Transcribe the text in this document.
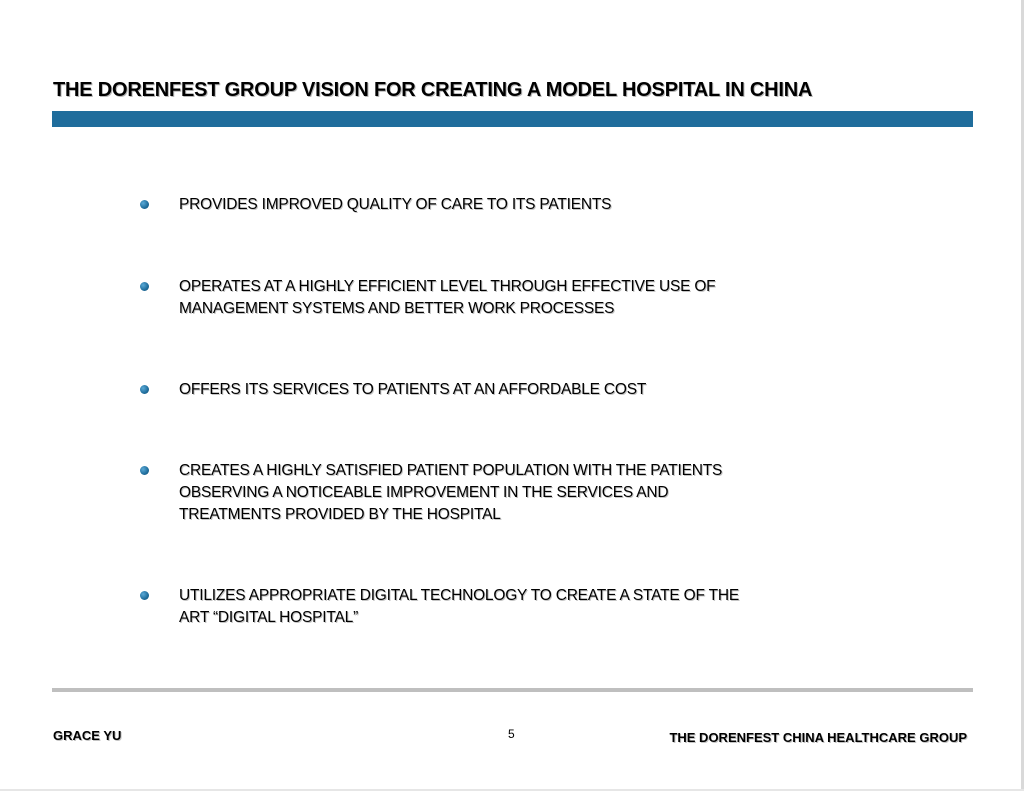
THE DORENFEST GROUP VISION FOR CREATING A MODEL HOSPITAL IN CHINA
PROVIDES IMPROVED QUALITY OF CARE TO ITS PATIENTS
OPERATES AT A HIGHLY EFFICIENT LEVEL THROUGH EFFECTIVE USE OF
MANAGEMENT SYSTEMS AND BETTER WORK PROCESSES
OFFERS ITS SERVICES TO PATIENTS AT AN AFFORDABLE COST
CREATES A HIGHLY SATISFIED PATIENT POPULATION WITH THE PATIENTS
OBSERVING A NOTICEABLE IMPROVEMENT IN THE SERVICES AND
TREATMENTS PROVIDED BY THE HOSPITAL
UTILIZES APPROPRIATE DIGITAL TECHNOLOGY TO CREATE A STATE OF THE
ART “DIGITAL HOSPITAL”
GRACE YU	5	THE DORENFEST CHINA HEALTHCARE GROUP
